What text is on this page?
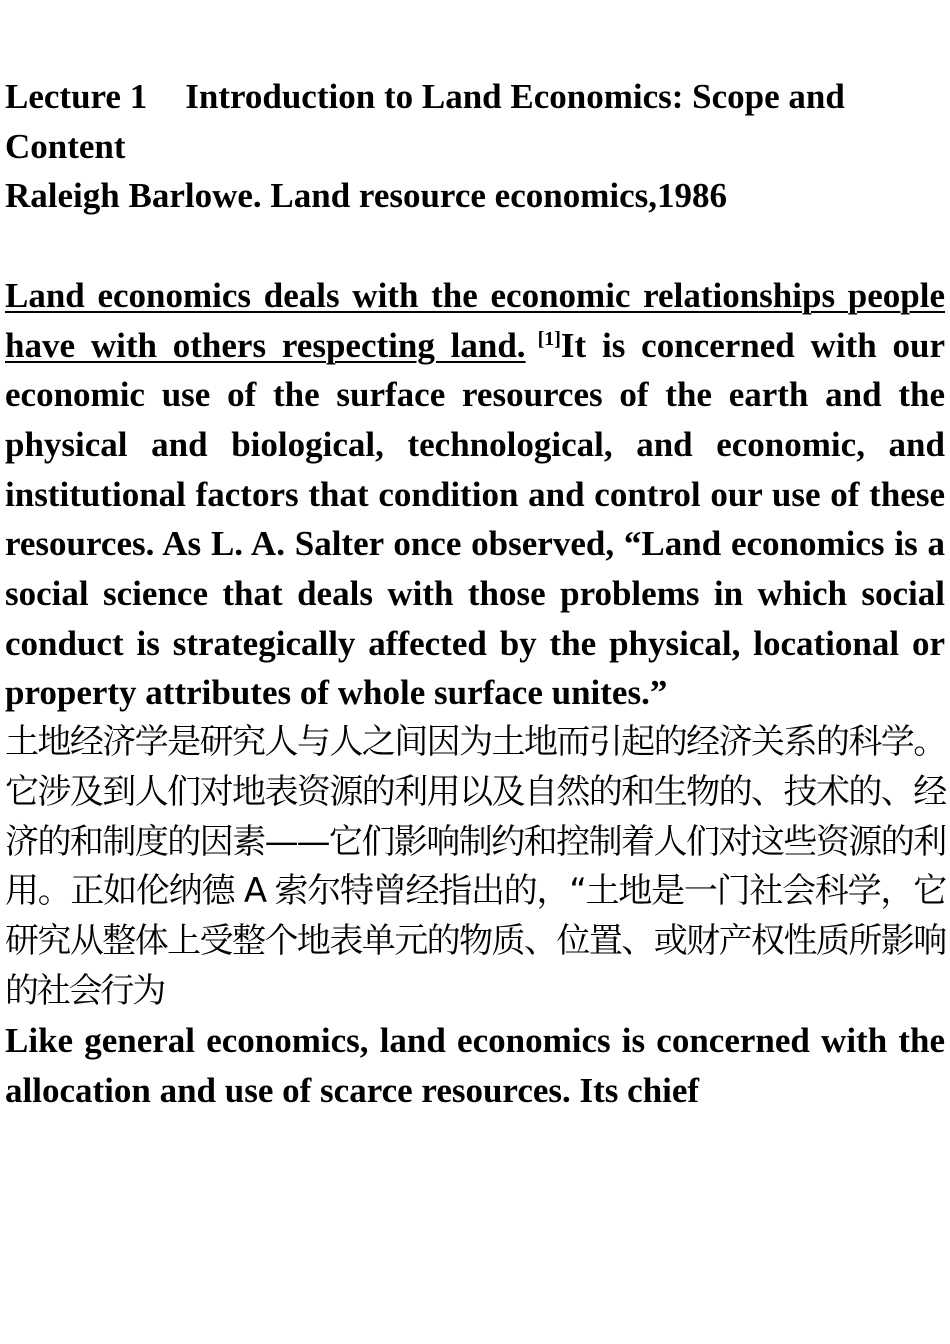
Lecture 1 Introduction to Land Economics: Scope and
Content

Raleigh Barlowe. Land resource economics,1986

Land economics deals with the economic relationships people have with others respecting land. [1]It is concerned with our economic use of the surface resources of the earth and the physical and biological, technological, and economic, and institutional factors that condition and control our use of these resources. As L. A. Salter once observed, “Land economics is a social science that deals with those problems in which social conduct is strategically affected by the physical, locational or property attributes of whole surface unites.”

土地经济学是研究人与人之间因为土地而引起的经济关系的科学。它涉及到人们对地表资源的利用以及自然的和生物的、技术的、经济的和制度的因素——它们影响制约和控制着人们对这些资源的利用。正如伦纳德 A 索尔特曾经指出的，“土地是一门社会科学，它研究从整体上受整个地表单元的物质、位置、或财产权性质所影响的社会行为

Like general economics, land economics is concerned with the allocation and use of scarce resources. Its chief
